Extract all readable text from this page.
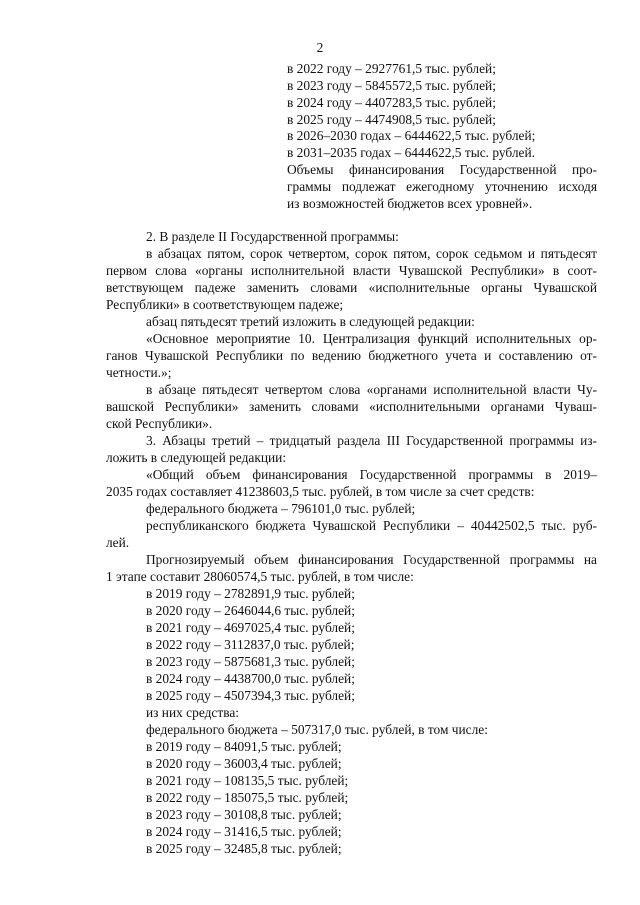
2
в 2022 году – 2927761,5 тыс. рублей;
в 2023 году – 5845572,5 тыс. рублей;
в 2024 году – 4407283,5 тыс. рублей;
в 2025 году – 4474908,5 тыс. рублей;
в 2026–2030 годах – 6444622,5 тыс. рублей;
в 2031–2035 годах – 6444622,5 тыс. рублей.
Объемы финансирования Государственной про-
граммы подлежат ежегодному уточнению исходя
из возможностей бюджетов всех уровней».
2. В разделе II Государственной программы:
в абзацах пятом, сорок четвертом, сорок пятом, сорок седьмом и пятьдесят
первом слова «органы исполнительной власти Чувашской Республики» в соот-
ветствующем падеже заменить словами «исполнительные органы Чувашской
Республики» в соответствующем падеже;
абзац пятьдесят третий изложить в следующей редакции:
«Основное мероприятие 10. Централизация функций исполнительных ор-
ганов Чувашской Республики по ведению бюджетного учета и составлению от-
четности.»;
в абзаце пятьдесят четвертом слова «органами исполнительной власти Чу-
вашской Республики» заменить словами «исполнительными органами Чуваш-
ской Республики».
3. Абзацы третий – тридцатый раздела III Государственной программы из-
ложить в следующей редакции:
«Общий объем финансирования Государственной программы в 2019–
2035 годах составляет 41238603,5 тыс. рублей, в том числе за счет средств:
федерального бюджета – 796101,0 тыс. рублей;
республиканского бюджета Чувашской Республики – 40442502,5 тыс. руб-
лей.
Прогнозируемый объем финансирования Государственной программы на
1 этапе составит 28060574,5 тыс. рублей, в том числе:
в 2019 году – 2782891,9 тыс. рублей;
в 2020 году – 2646044,6 тыс. рублей;
в 2021 году – 4697025,4 тыс. рублей;
в 2022 году – 3112837,0 тыс. рублей;
в 2023 году – 5875681,3 тыс. рублей;
в 2024 году – 4438700,0 тыс. рублей;
в 2025 году – 4507394,3 тыс. рублей;
из них средства:
федерального бюджета – 507317,0 тыс. рублей, в том числе:
в 2019 году – 84091,5 тыс. рублей;
в 2020 году – 36003,4 тыс. рублей;
в 2021 году – 108135,5 тыс. рублей;
в 2022 году – 185075,5 тыс. рублей;
в 2023 году – 30108,8 тыс. рублей;
в 2024 году – 31416,5 тыс. рублей;
в 2025 году – 32485,8 тыс. рублей;
